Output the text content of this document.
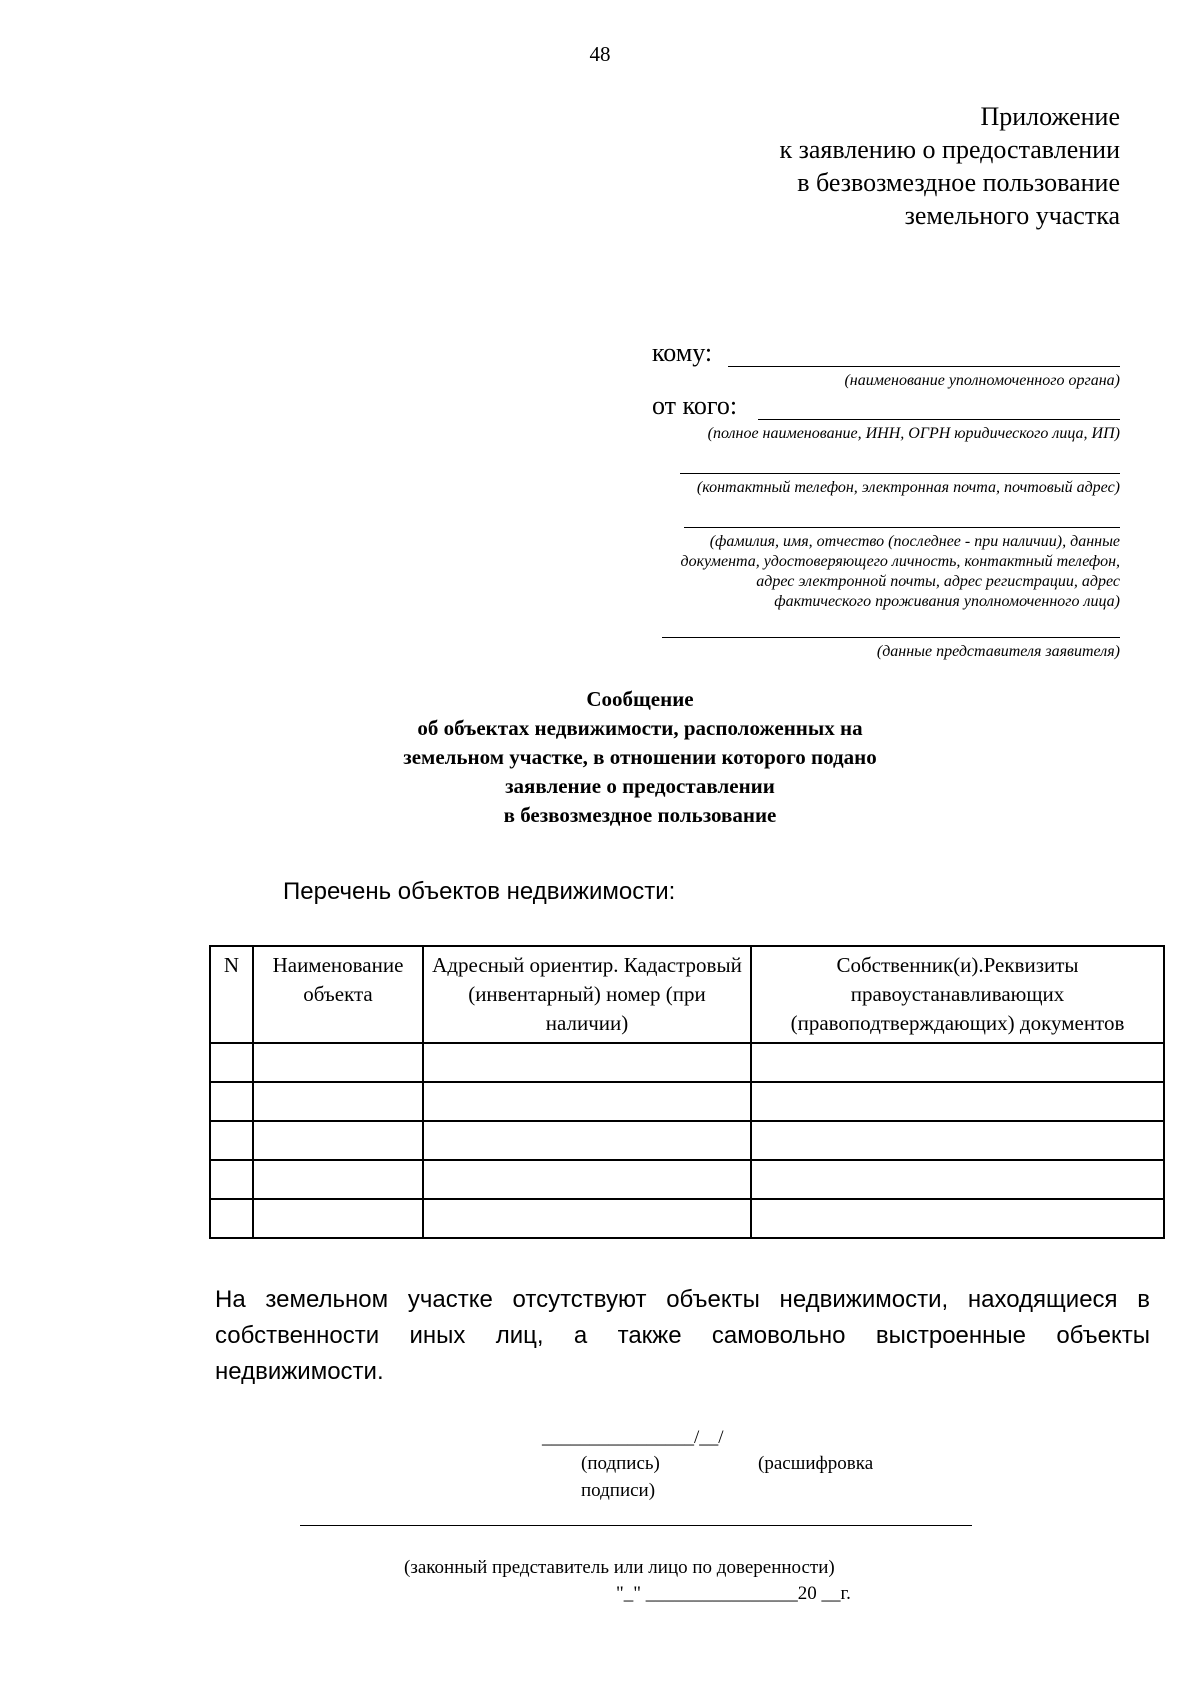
48
Приложение
к заявлению о предоставлении
в безвозмездное пользование
земельного участка
кому:
(наименование уполномоченного органа)
от кого:
(полное наименование, ИНН, ОГРН юридического лица, ИП)
(контактный телефон, электронная почта, почтовый адрес)
(фамилия, имя, отчество (последнее - при наличии), данные
документа, удостоверяющего личность, контактный телефон,
адрес электронной почты, адрес регистрации, адрес
фактического проживания уполномоченного лица)
(данные представителя заявителя)
Сообщение
об объектах недвижимости, расположенных на
земельном участке, в отношении которого подано
заявление о предоставлении
в безвозмездное пользование
Перечень объектов недвижимости:
N	Наименование объекта	Адресный ориентир. Кадастровый (инвентарный) номер (при наличии)	Собственник(и).Реквизиты правоустанавливающих (правоподтверждающих) документов

На земельном участке отсутствуют объекты недвижимости, находящиеся в собственности иных лиц, а также самовольно выстроенные объекты недвижимости.
________________/__/
(подпись)	(расшифровка
подписи)
(законный представитель или лицо по доверенности)
"_" ________________20 __г.
